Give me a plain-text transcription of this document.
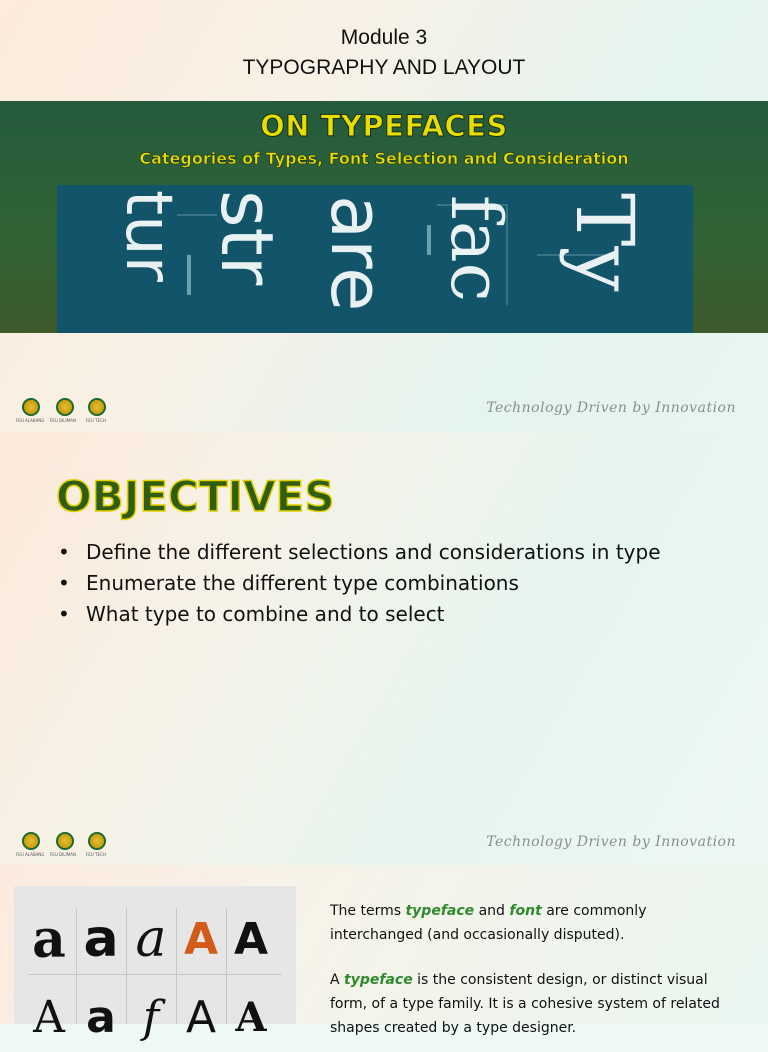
Module 3
TYPOGRAPHY AND LAYOUT
ON TYPEFACES
Categories of Types, Font Selection and Consideration
tur str are fac Ty
FEU ALABANG FEU DILIMAN	FEU TECH
Technology Driven by Innovation
OBJECTIVES
• Define the different selections and considerations in type
• Enumerate the different type combinations
• What type to combine and to select
FEU ALABANG FEU DILIMAN	FEU TECH
Technology Driven by Innovation
a a a A A
A a f A A
The terms typeface and font are commonly interchanged (and occasionally disputed).
A typeface is the consistent design, or distinct visual form, of a type family. It is a cohesive system of related shapes created by a type designer.
